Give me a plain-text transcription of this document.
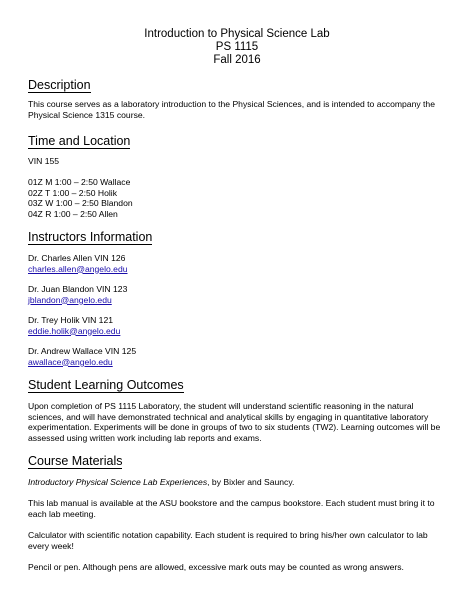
Introduction to Physical Science Lab
PS 1115
Fall 2016
Description
This course serves as a laboratory introduction to the Physical Sciences, and is intended to accompany the Physical Science 1315 course.
Time and Location
VIN 155
01Z M 1:00 – 2:50 Wallace
02Z T 1:00 – 2:50 Holik
03Z W 1:00 – 2:50 Blandon
04Z R 1:00 – 2:50 Allen
Instructors Information
Dr. Charles Allen VIN 126
charles.allen@angelo.edu
Dr. Juan Blandon VIN 123
jblandon@angelo.edu
Dr. Trey Holik VIN 121
eddie.holik@angelo.edu
Dr. Andrew Wallace VIN 125
awallace@angelo.edu
Student Learning Outcomes
Upon completion of PS 1115 Laboratory, the student will understand scientific reasoning in the natural sciences, and will have demonstrated technical and analytical skills by engaging in quantitative laboratory experimentation. Experiments will be done in groups of two to six students (TW2). Learning outcomes will be assessed using written work including lab reports and exams.
Course Materials
Introductory Physical Science Lab Experiences, by Bixler and Sauncy.
This lab manual is available at the ASU bookstore and the campus bookstore. Each student must bring it to each lab meeting.
Calculator with scientific notation capability. Each student is required to bring his/her own calculator to lab every week!
Pencil or pen. Although pens are allowed, excessive mark outs may be counted as wrong answers.
